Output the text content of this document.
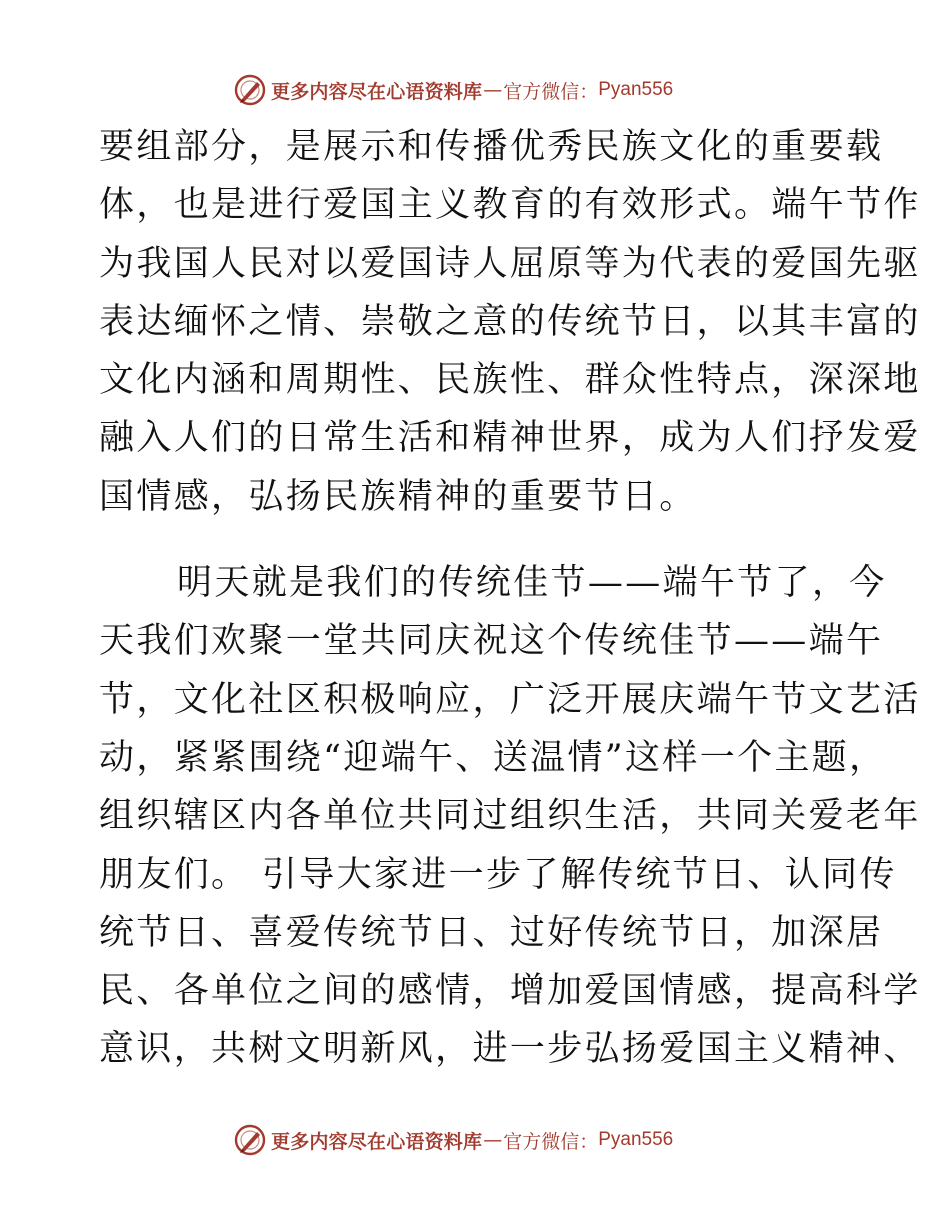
更多内容尽在心语资料库 — 官方微信： Pyan556
要组部分，是展示和传播优秀民族文化的重要载
体，也是进行爱国主义教育的有效形式。端午节作
为我国人民对以爱国诗人屈原等为代表的爱国先驱
表达缅怀之情、崇敬之意的传统节日，以其丰富的
文化内涵和周期性、民族性、群众性特点，深深地
融入人们的日常生活和精神世界，成为人们抒发爱
国情感，弘扬民族精神的重要节日。
明天就是我们的传统佳节——端午节了，今
天我们欢聚一堂共同庆祝这个传统佳节——端午
节，文化社区积极响应，广泛开展庆端午节文艺活
动，紧紧围绕“迎端午、送温情”这样一个主题，
组织辖区内各单位共同过组织生活，共同关爱老年
朋友们。 引导大家进一步了解传统节日、认同传
统节日、喜爱传统节日、过好传统节日，加深居
民、各单位之间的感情，增加爱国情感，提高科学
意识，共树文明新风，进一步弘扬爱国主义精神、
更多内容尽在心语资料库 — 官方微信： Pyan556
